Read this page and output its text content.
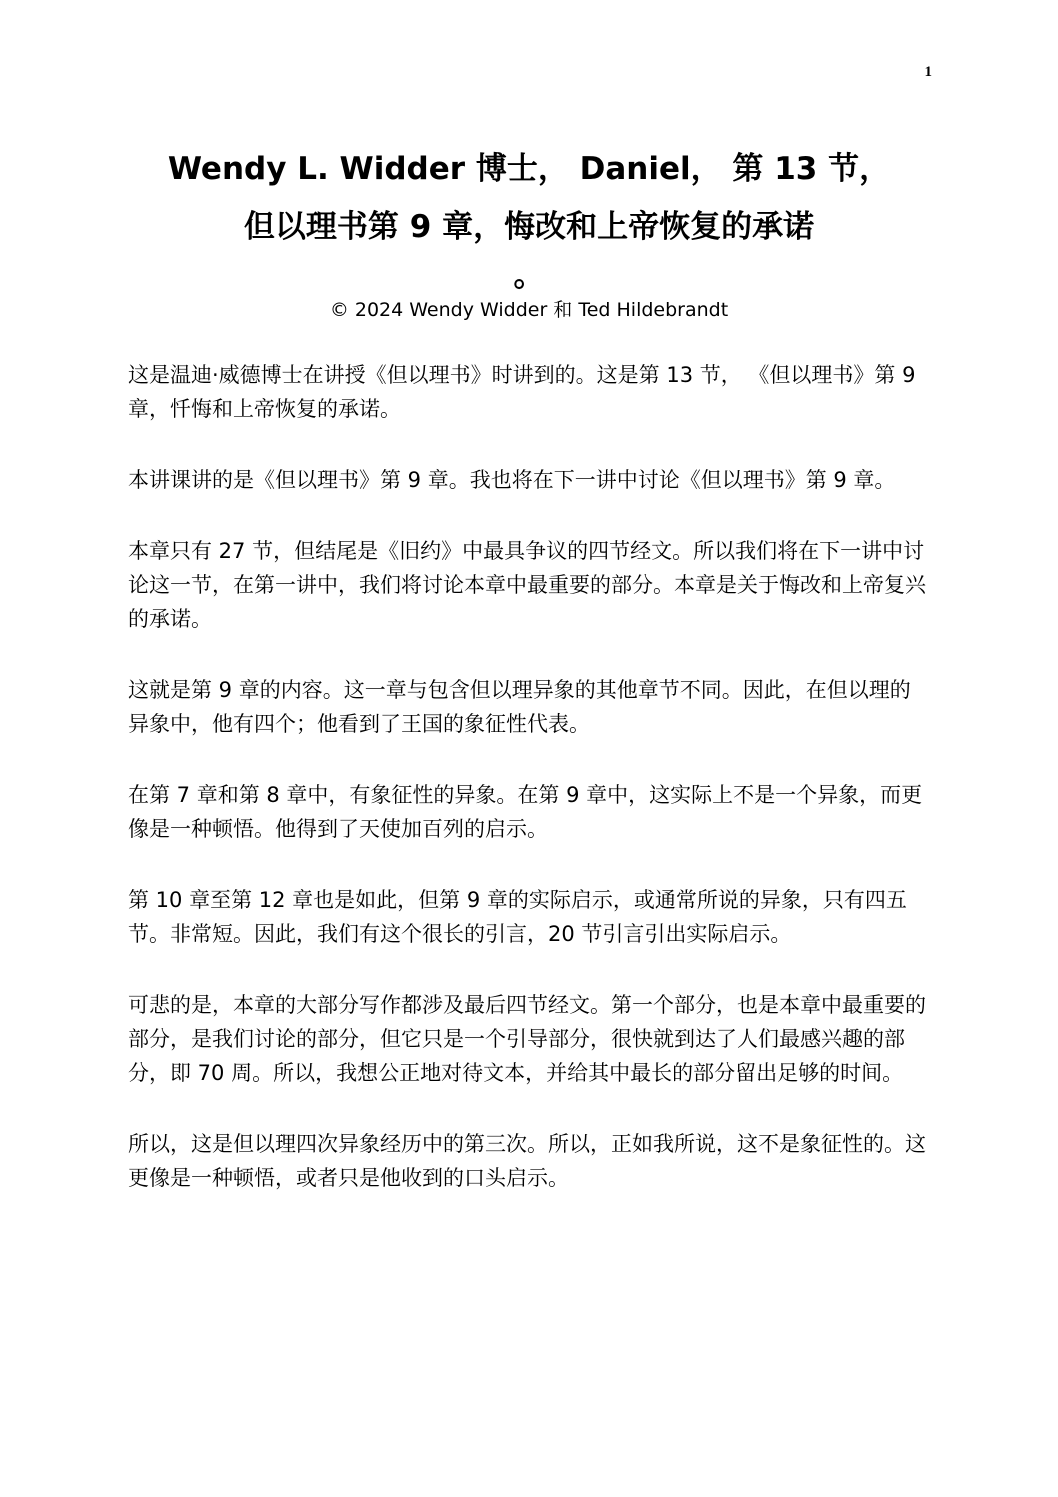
1
Wendy L. Widder 博士， Daniel， 第 13 节，
但以理书第 9 章，悔改和上帝恢复的承诺
。
© 2024 Wendy Widder 和 Ted Hildebrandt

这是温迪·威德博士在讲授《但以理书》时讲到的。这是第 13 节， 《但以理书》第 9 章，忏悔和上帝恢复的承诺。

本讲课讲的是《但以理书》第 9 章。我也将在下一讲中讨论《但以理书》第 9 章。

本章只有 27 节，但结尾是《旧约》中最具争议的四节经文。所以我们将在下一讲中讨论这一节，在第一讲中，我们将讨论本章中最重要的部分。本章是关于悔改和上帝复兴的承诺。

这就是第 9 章的内容。这一章与包含但以理异象的其他章节不同。因此，在但以理的异象中，他有四个；他看到了王国的象征性代表。

在第 7 章和第 8 章中，有象征性的异象。在第 9 章中，这实际上不是一个异象，而更像是一种顿悟。他得到了天使加百列的启示。

第 10 章至第 12 章也是如此，但第 9 章的实际启示，或通常所说的异象，只有四五节。非常短。因此，我们有这个很长的引言，20 节引言引出实际启示。

可悲的是，本章的大部分写作都涉及最后四节经文。第一个部分，也是本章中最重要的部分，是我们讨论的部分，但它只是一个引导部分，很快就到达了人们最感兴趣的部分，即 70 周。所以，我想公正地对待文本，并给其中最长的部分留出足够的时间。

所以，这是但以理四次异象经历中的第三次。所以，正如我所说，这不是象征性的。这更像是一种顿悟，或者只是他收到的口头启示。
